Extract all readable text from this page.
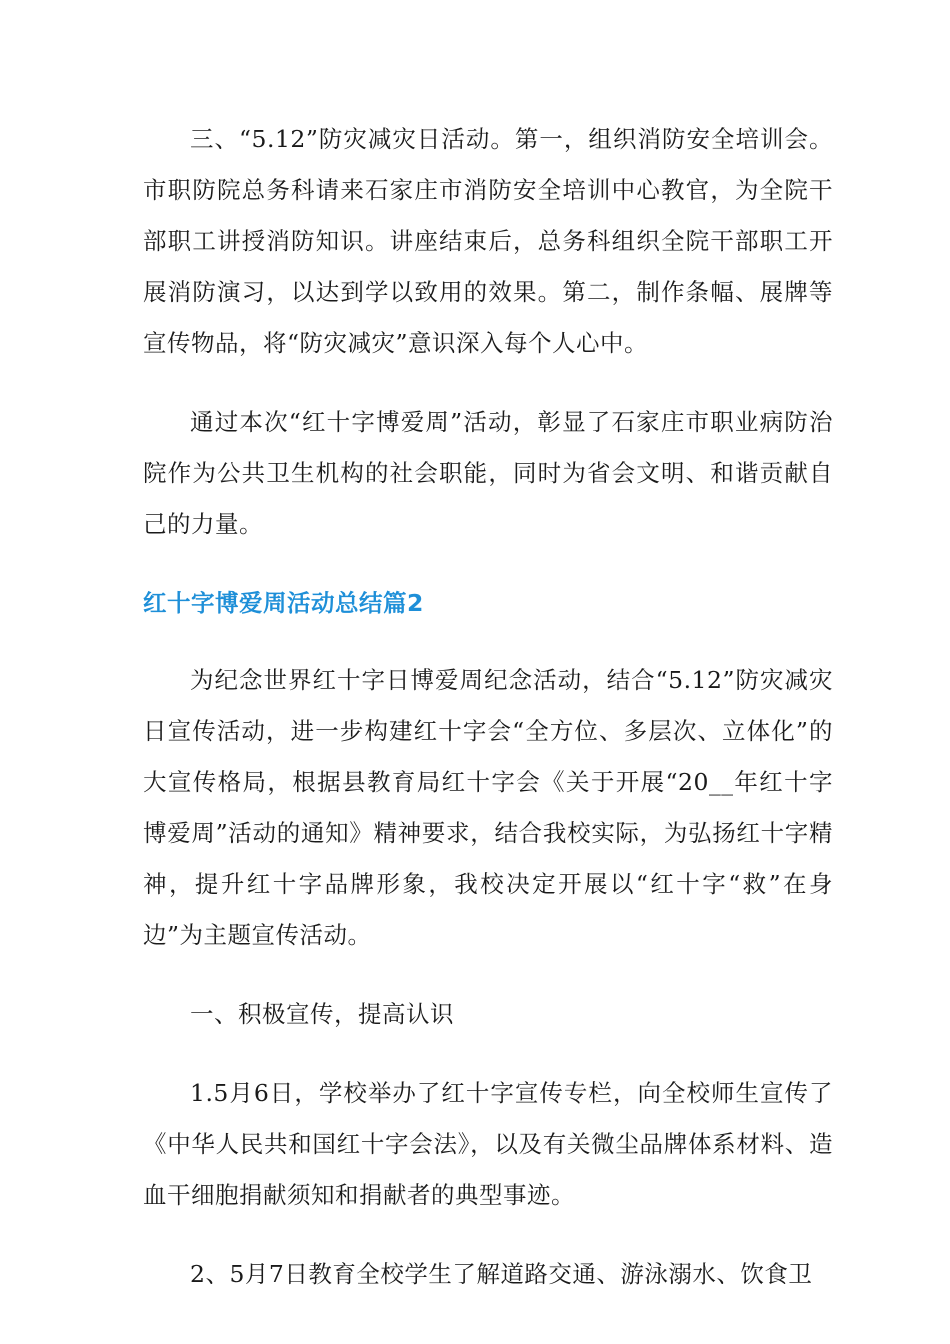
三、“5.12”防灾减灾日活动。第一，组织消防安全培训会。市职防院总务科请来石家庄市消防安全培训中心教官，为全院干部职工讲授消防知识。讲座结束后，总务科组织全院干部职工开展消防演习，以达到学以致用的效果。第二，制作条幅、展牌等宣传物品，将“防灾减灾”意识深入每个人心中。

通过本次“红十字博爱周”活动，彰显了石家庄市职业病防治院作为公共卫生机构的社会职能，同时为省会文明、和谐贡献自己的力量。

红十字博爱周活动总结篇2

为纪念世界红十字日博爱周纪念活动，结合“5.12”防灾减灾日宣传活动，进一步构建红十字会“全方位、多层次、立体化”的大宣传格局，根据县教育局红十字会《关于开展“20__年红十字博爱周”活动的通知》精神要求，结合我校实际，为弘扬红十字精神，提升红十字品牌形象，我校决定开展以“红十字“救”在身边”为主题宣传活动。

一、积极宣传，提高认识

1.5月6日，学校举办了红十字宣传专栏，向全校师生宣传了《中华人民共和国红十字会法》，以及有关微尘品牌体系材料、造血干细胞捐献须知和捐献者的典型事迹。

2、5月7日教育全校学生了解道路交通、游泳溺水、饮食卫
